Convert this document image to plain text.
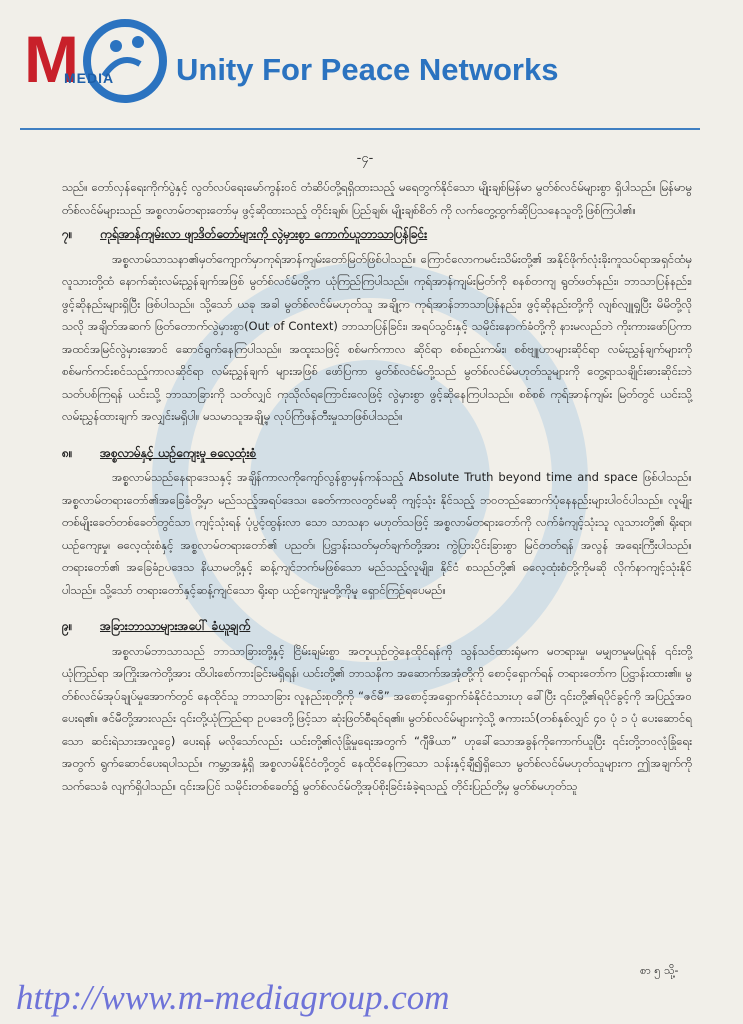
M
MEDIA Unity For Peace Networks
-၄-

သည်။ တော်လှန်ရေးကိုက်ပွဲနှင့် လွတ်လပ်ရေးမော်ကွန်းဝင် တံဆိပ်တို့ရရှိထားသည့် မရေတွက်နိုင်သော မျိုးချစ်မြန်မာ မွတ်စ်လင်မ်များစွာ ရှိပါသည်။ မြန်မာမွတ်စ်လင်မ်များသည် အစ္စလာမ်တရားတော်မှ ဖွင့်ဆိုထားသည့် တိုင်းချစ်၊ ပြည်ချစ်၊ မျိုးချစ်စိတ် ကို လက်တွေ့ထွက်ဆိုပြသနေသူတို့ဖြစ်ကြပါ၏။

၇။	ကုရ်အာန်ကျမ်းလာ ဖျာဒိတ်တော်များကို လွဲမှားစွာ ကောက်ယူဘာသာပြန်ခြင်း

အစ္စလာမ်သာသနာ၏မှတ်ကျောက်မှာကုရ်အာန်ကျမ်းတော်မြတ်ဖြစ်ပါသည်။ ကြောင်လောကမင်းသိမ်းတို့၏ အနိုင်ဖိုက်လုံးခိုးကူသပ်ရာအရှင်ထံမှ လူသားတို့ထံ နောက်ဆုံးလမ်းညွှန်ချက်အဖြစ် မွတ်စ်လင်မ်တို့က ယုံကြည်ကြပါသည်။ ကုရ်အာန်ကျမ်းမြတ်ကို စနစ်တကျ ရွတ်ဖတ်နည်း၊ ဘာသာပြန်နည်း၊ ဖွင့်ဆိုနည်းများရှိပြီး ဖြစ်ပါသည်။ သို့သော် ယခု အခါ မွတ်စ်လင်မ်မဟုတ်သူ အချို့က ကုရ်အာန်ဘာသာပြန်နည်း၊ ဖွင့်ဆိုနည်းတို့ကို လျစ်လျူရှုပြီး မိမိတို့လိုသလို အချိတ်အဆက် ဖြတ်တောက်လွဲမှားစွာ(Out of Context) ဘာသာပြန်ခြင်း၊ အရပ်သွင်းနှင့် သမိုင်းနောက်ခံတို့ကို နားမလည်ဘဲ ကိုးကားဖော်ပြကာ အထင်အမြင်လွဲမှားအောင် ဆောင်ရွက်နေကြပါသည်။ အထူးသဖြင့် စစ်မက်ကာလ ဆိုင်ရာ စစ်စည်းကမ်း၊ စစ်ဗျူဟာများဆိုင်ရာ လမ်းညွှန်ချက်များကို စစ်မက်ကင်းစင်သည့်ကာလဆိုင်ရာ လမ်းညွှန်ချက် များအဖြစ် ဖော်ပြကာ မွတ်စ်လင်မ်တို့သည် မွတ်စ်လင်မ်မဟုတ်သူများကို တွေ့ရာသချိုင်းဓားဆိုင်းဘဲ သတ်ပစ်ကြရန် ယင်းသို့ ဘာသာခြားကို သတ်လျှင် ကုသိုလ်ရကြောင်းလေဖြင့် လွဲမှားစွာ ဖွင့်ဆိုနေကြပါသည်။ စစ်စစ် ကုရ်အာန်ကျမ်း မြတ်တွင် ယင်းသို့ လမ်းညွှန်ထားချက် အလျှင်းမရှိပါ။ မသမာသူအချို့မှ လုပ်ကြံဖန်တီးမှုသာဖြစ်ပါသည်။

၈။	အစ္စလာမ်နှင့် ယဉ်ကျေးမှု ဓလေ့ထုံးစံ

အစ္စလာမ်သည်နေရာဒေသနှင့် အချိန်ကာလကိုကျော်လွန်စွာမှန်ကန်သည့် Absolute Truth beyond time and space ဖြစ်ပါသည်။ အစ္စလာမ်တရားတော်၏အခြေခံတို့မှာ မည်သည့်အရပ်ဒေသ၊ ခေတ်ကာလတွင်မဆို ကျင့်သုံး နိုင်သည့် ဘဝတည်ဆောက်ပုံနေနည်းများပါဝင်ပါသည်။ လူမျိုးတစ်မျိုးခေတ်တစ်ခေတ်တွင်သာ ကျင့်သုံးရန် ပုံပွင့်ထွန်းလာ သော သာသနာ မဟုတ်သဖြင့် အစ္စလာမ်တရားတော်ကို လက်ခံကျင့်သုံးသူ လူသားတို့၏ ရိုးရာ၊ ယဉ်ကျေးမှု၊ ဓလေ့ထုံးစံနှင့် အစ္စလာမ်တရားတော်၏ ပညတ်၊ ပြဋ္ဌာန်းသတ်မှတ်ချက်တို့အား ကွဲပြားပိုင်းခြားစွာ မြင်တတ်ရန် အလွန် အရေးကြီးပါသည်။ တရားတော်၏ အခြေခံဥပဒေသ နိယာမတို့နှင့် ဆန့်ကျင်ဘက်မဖြစ်သော မည်သည့်လူမျိုး၊ နိုင်ငံ စသည်တို့၏ ဓလေ့ထုံးစံတို့ကိုမဆို လိုက်နာကျင့်သုံးနိုင်ပါသည်။ သို့သော် တရားတော်နှင့်ဆန့်ကျင်သော ရိုးရာ ယဉ်ကျေးမှုတို့ကိုမူ ရှောင်ကြဉ်ရပေမည်။

၉။	အခြားဘာသာများအပေါ် ခံယူချက်

အစ္စလာမ်ဘာသာသည် ဘာသာခြားတို့နှင့် ငြိမ်းချမ်းစွာ အတူယှဉ်တွဲနေထိုင်ရန်ကို သွန်သင်ထားရုံမက မတရားမှု၊ မမျှတမှုမပြုရန် ၎င်းတို့ယုံကြည်ရာ အကြိုးအကဲတို့အား ထိပါးစော်ကားခြင်းမရှိရန်၊ ယင်းတို့၏ ဘာသနိက အဆောက်အအုံတို့ကို စောင့်ရှောက်ရန် တရားတော်က ပြဋ္ဌာန်းထား၏။ မွတ်စ်လင်မ်အုပ်ချုပ်မှုအောက်တွင် နေထိုင်သူ ဘာသာခြား လူနည်းစုတို့ကို “ဇင်မီ” အစောင့်အရှောက်ခံနိုင်ငံသားဟု ခေါ်ပြီး ၎င်းတို့၏ရပိုင်ခွင့်ကို အပြည့်အဝပေးရ၏။ ဇင်မီတို့အားလည်း ၎င်းတို့ယုံကြည်ရာ ဥပဒေတို့ဖြင့်သာ ဆုံးဖြတ်စီရင်ရ၏။ မွတ်စ်လင်မ်များကဲ့သို့ ဇကားသ်(တစ်နှစ်လျှင် ၄၀ ပုံ ၁ ပုံ ပေးဆောင်ရသော ဆင်းရဲသားအလှူငွေ) ပေးရန် မလိုသော်လည်း ယင်းတို့၏လုံခြုံမှုရေးအတွက် “ဂျီဇိယာ” ဟုခေါ်သောအခွန်ကိုကောက်ယူပြီး ၎င်းတို့ဘဝလုံခြုံရေးအတွက် ရွက်ဆောင်ပေးရပါသည်။ ကမ္ဘာ့အနှံ့ရှိ အစ္စလာမ်နိုင်ငံတို့တွင် နေထိုင်နေကြသော သန်းနှင့်ချီ၍ရှိသော မွတ်စ်လင်မ်မဟုတ်သူများက ဤအချက်ကို သက်သေခံ လျက်ရှိပါသည်။ ၎င်းအပြင် သမိုင်းတစ်ခေတ်၌ မွတ်စ်လင်မ်တို့အုပ်စိုးခြင်းခံခဲ့ရသည့် တိုင်းပြည်တို့မှ မွတ်စ်မဟုတ်သူ

စာ ၅ သို့-
http://www.m-mediagroup.com
